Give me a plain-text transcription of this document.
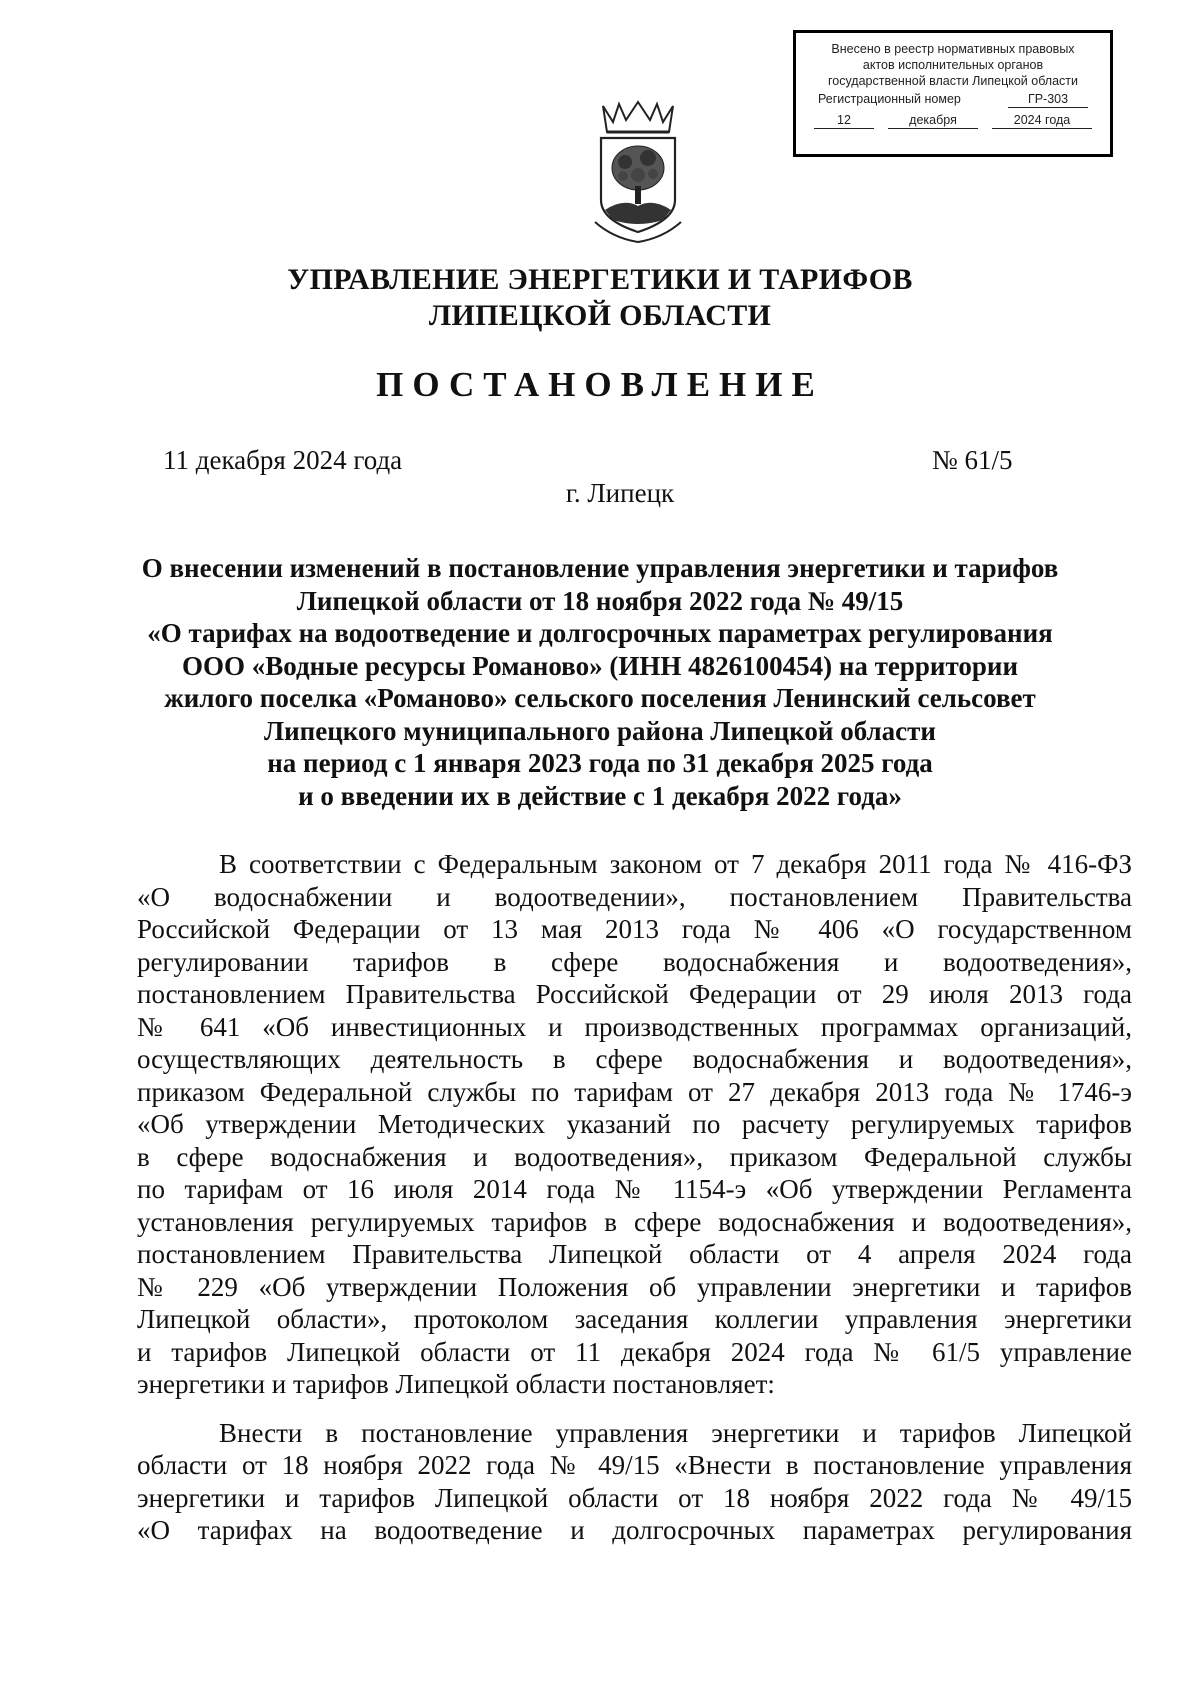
Внесено в реестр нормативных правовых
актов исполнительных органов
государственной власти Липецкой области
Регистрационный номер	ГР-303
12	декабря	2024 года
УПРАВЛЕНИЕ ЭНЕРГЕТИКИ И ТАРИФОВ
ЛИПЕЦКОЙ ОБЛАСТИ
ПОСТАНОВЛЕНИЕ
11 декабря 2024 года	№ 61/5
г. Липецк
О внесении изменений в постановление управления энергетики и тарифов
Липецкой области от 18 ноября 2022 года № 49/15
«О тарифах на водоотведение и долгосрочных параметрах регулирования
ООО «Водные ресурсы Романово» (ИНН 4826100454) на территории
жилого поселка «Романово» сельского поселения Ленинский сельсовет
Липецкого муниципального района Липецкой области
на период с 1 января 2023 года по 31 декабря 2025 года
и о введении их в действие с 1 декабря 2022 года»
В соответствии с Федеральным законом от 7 декабря 2011 года № 416-ФЗ
«О водоснабжении и водоотведении», постановлением Правительства
Российской Федерации от 13 мая 2013 года № 406 «О государственном
регулировании тарифов в сфере водоснабжения и водоотведения»,
постановлением Правительства Российской Федерации от 29 июля 2013 года
№ 641 «Об инвестиционных и производственных программах организаций,
осуществляющих деятельность в сфере водоснабжения и водоотведения»,
приказом Федеральной службы по тарифам от 27 декабря 2013 года № 1746-э
«Об утверждении Методических указаний по расчету регулируемых тарифов
в сфере водоснабжения и водоотведения», приказом Федеральной службы
по тарифам от 16 июля 2014 года № 1154-э «Об утверждении Регламента
установления регулируемых тарифов в сфере водоснабжения и водоотведения»,
постановлением Правительства Липецкой области от 4 апреля 2024 года
№ 229 «Об утверждении Положения об управлении энергетики и тарифов
Липецкой области», протоколом заседания коллегии управления энергетики
и тарифов Липецкой области от 11 декабря 2024 года № 61/5 управление
энергетики и тарифов Липецкой области постановляет:
Внести в постановление управления энергетики и тарифов Липецкой
области от 18 ноября 2022 года № 49/15 «Внести в постановление управления
энергетики и тарифов Липецкой области от 18 ноября 2022 года № 49/15
«О тарифах на водоотведение и долгосрочных параметрах регулирования
